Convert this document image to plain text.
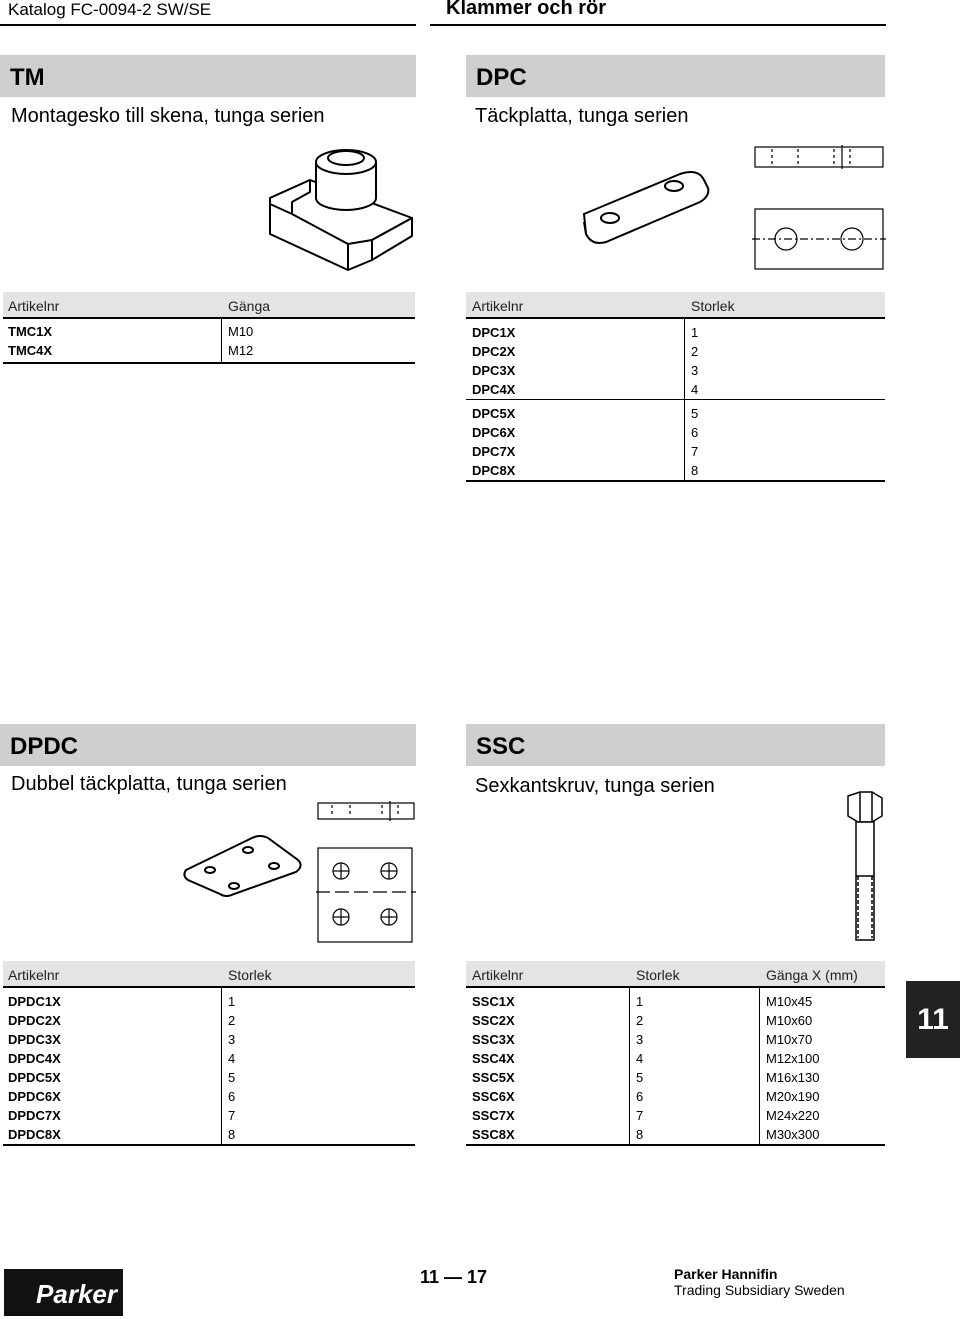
Katalog FC-0094-2 SW/SE	Klammer och rör
TM
Montagesko till skena, tunga serien
Artikelnr	Gänga
TMC1X	M10
TMC4X	M12
DPC
Täckplatta, tunga serien
Artikelnr	Storlek
DPC1X	1
DPC2X	2
DPC3X	3
DPC4X	4
DPC5X	5
DPC6X	6
DPC7X	7
DPC8X	8
DPDC
Dubbel täckplatta, tunga serien
Artikelnr	Storlek
DPDC1X	1
DPDC2X	2
DPDC3X	3
DPDC4X	4
DPDC5X	5
DPDC6X	6
DPDC7X	7
DPDC8X	8
SSC
Sexkantskruv, tunga serien
Artikelnr	Storlek	Gänga X (mm)
SSC1X	1	M10x45
SSC2X	2	M10x60
SSC3X	3	M10x70
SSC4X	4	M12x100
SSC5X	5	M16x130
SSC6X	6	M20x190
SSC7X	7	M24x220
SSC8X	8	M30x300
11
Parker
11 — 17	Parker Hannifin
Trading Subsidiary Sweden
